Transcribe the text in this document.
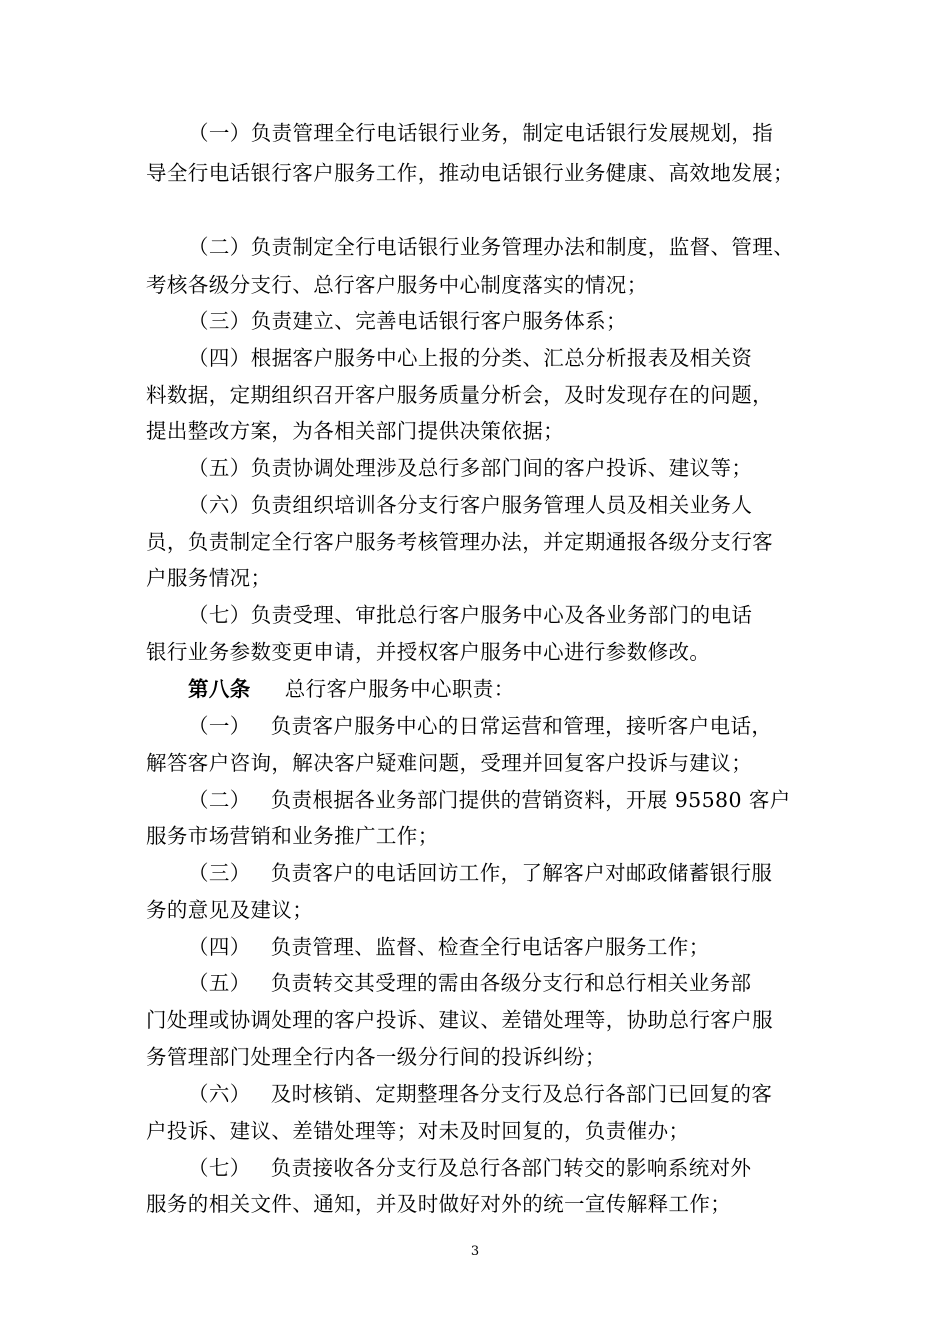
（一）负责管理全行电话银行业务，制定电话银行发展规划，指
导全行电话银行客户服务工作，推动电话银行业务健康、高效地发展；
（二）负责制定全行电话银行业务管理办法和制度，监督、管理、
考核各级分支行、总行客户服务中心制度落实的情况；
（三）负责建立、完善电话银行客户服务体系；
（四）根据客户服务中心上报的分类、汇总分析报表及相关资
料数据，定期组织召开客户服务质量分析会，及时发现存在的问题，
提出整改方案，为各相关部门提供决策依据；
（五）负责协调处理涉及总行多部门间的客户投诉、建议等；
（六）负责组织培训各分支行客户服务管理人员及相关业务人
员，负责制定全行客户服务考核管理办法，并定期通报各级分支行客
户服务情况；
（七）负责受理、审批总行客户服务中心及各业务部门的电话
银行业务参数变更申请，并授权客户服务中心进行参数修改。
第八条 总行客户服务中心职责：
（一） 负责客户服务中心的日常运营和管理，接听客户电话，
解答客户咨询，解决客户疑难问题，受理并回复客户投诉与建议；
（二） 负责根据各业务部门提供的营销资料，开展 95580 客户
服务市场营销和业务推广工作；
（三） 负责客户的电话回访工作，了解客户对邮政储蓄银行服
务的意见及建议；
（四） 负责管理、监督、检查全行电话客户服务工作；
（五） 负责转交其受理的需由各级分支行和总行相关业务部
门处理或协调处理的客户投诉、建议、差错处理等，协助总行客户服
务管理部门处理全行内各一级分行间的投诉纠纷；
（六） 及时核销、定期整理各分支行及总行各部门已回复的客
户投诉、建议、差错处理等；对未及时回复的，负责催办；
（七） 负责接收各分支行及总行各部门转交的影响系统对外
服务的相关文件、通知，并及时做好对外的统一宣传解释工作；
3
